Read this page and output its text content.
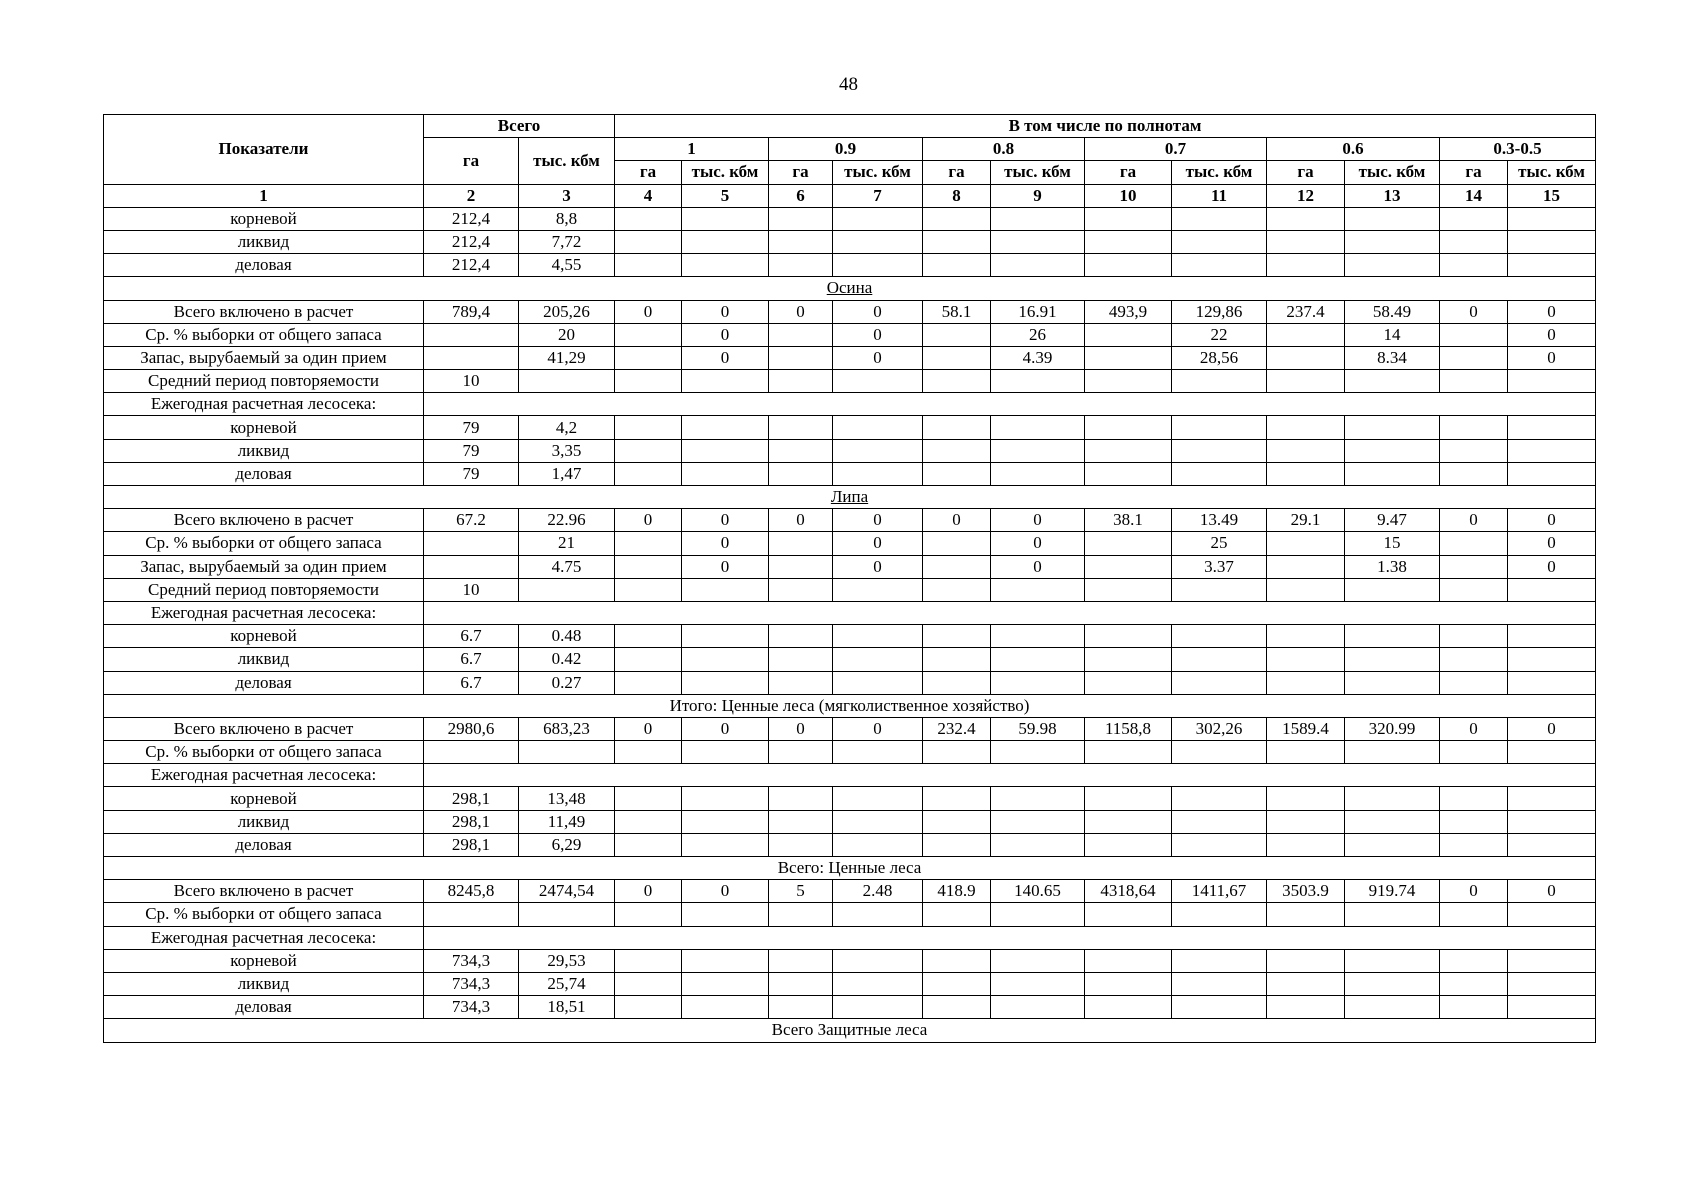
48
Показатели	Всего		В том числе по полнотам											
	га	тыс. кбм	1		0.9		0.8		0.7		0.6		0.3-0.5	
			га	тыс. кбм	га	тыс. кбм	га	тыс. кбм	га	тыс. кбм	га	тыс. кбм	га	тыс. кбм
1	2	3	4	5	6	7	8	9	10	11	12	13	14	15
корневой	212,4	8,8												
ликвид	212,4	7,72												
деловая	212,4	4,55												
Осина														
Всего включено в расчет	789,4	205,26	0	0	0	0	58.1	16.91	493,9	129,86	237.4	58.49	0	0
Ср. % выборки от общего запаса		20		0		0		26		22		14		0
Запас, вырубаемый за один прием		41,29		0		0		4.39		28,56		8.34		0
Средний период повторяемости	10													
Ежегодная расчетная лесосека:														
корневой	79	4,2												
ликвид	79	3,35												
деловая	79	1,47												
Липа														
Всего включено в расчет	67.2	22.96	0	0	0	0	0	0	38.1	13.49	29.1	9.47	0	0
Ср. % выборки от общего запаса		21		0		0		0		25		15		0
Запас, вырубаемый за один прием		4.75		0		0		0		3.37		1.38		0
Средний период повторяемости	10													
Ежегодная расчетная лесосека:														
корневой	6.7	0.48												
ликвид	6.7	0.42												
деловая	6.7	0.27												
Итого: Ценные леса (мягколиственное хозяйство)														
Всего включено в расчет	2980,6	683,23	0	0	0	0	232.4	59.98	1158,8	302,26	1589.4	320.99	0	0
Ср. % выборки от общего запаса														
Ежегодная расчетная лесосека:														
корневой	298,1	13,48												
ликвид	298,1	11,49												
деловая	298,1	6,29												
Всего: Ценные леса														
Всего включено в расчет	8245,8	2474,54	0	0	5	2.48	418.9	140.65	4318,64	1411,67	3503.9	919.74	0	0
Ср. % выборки от общего запаса														
Ежегодная расчетная лесосека:														
корневой	734,3	29,53												
ликвид	734,3	25,74												
деловая	734,3	18,51												
Всего Защитные леса														
